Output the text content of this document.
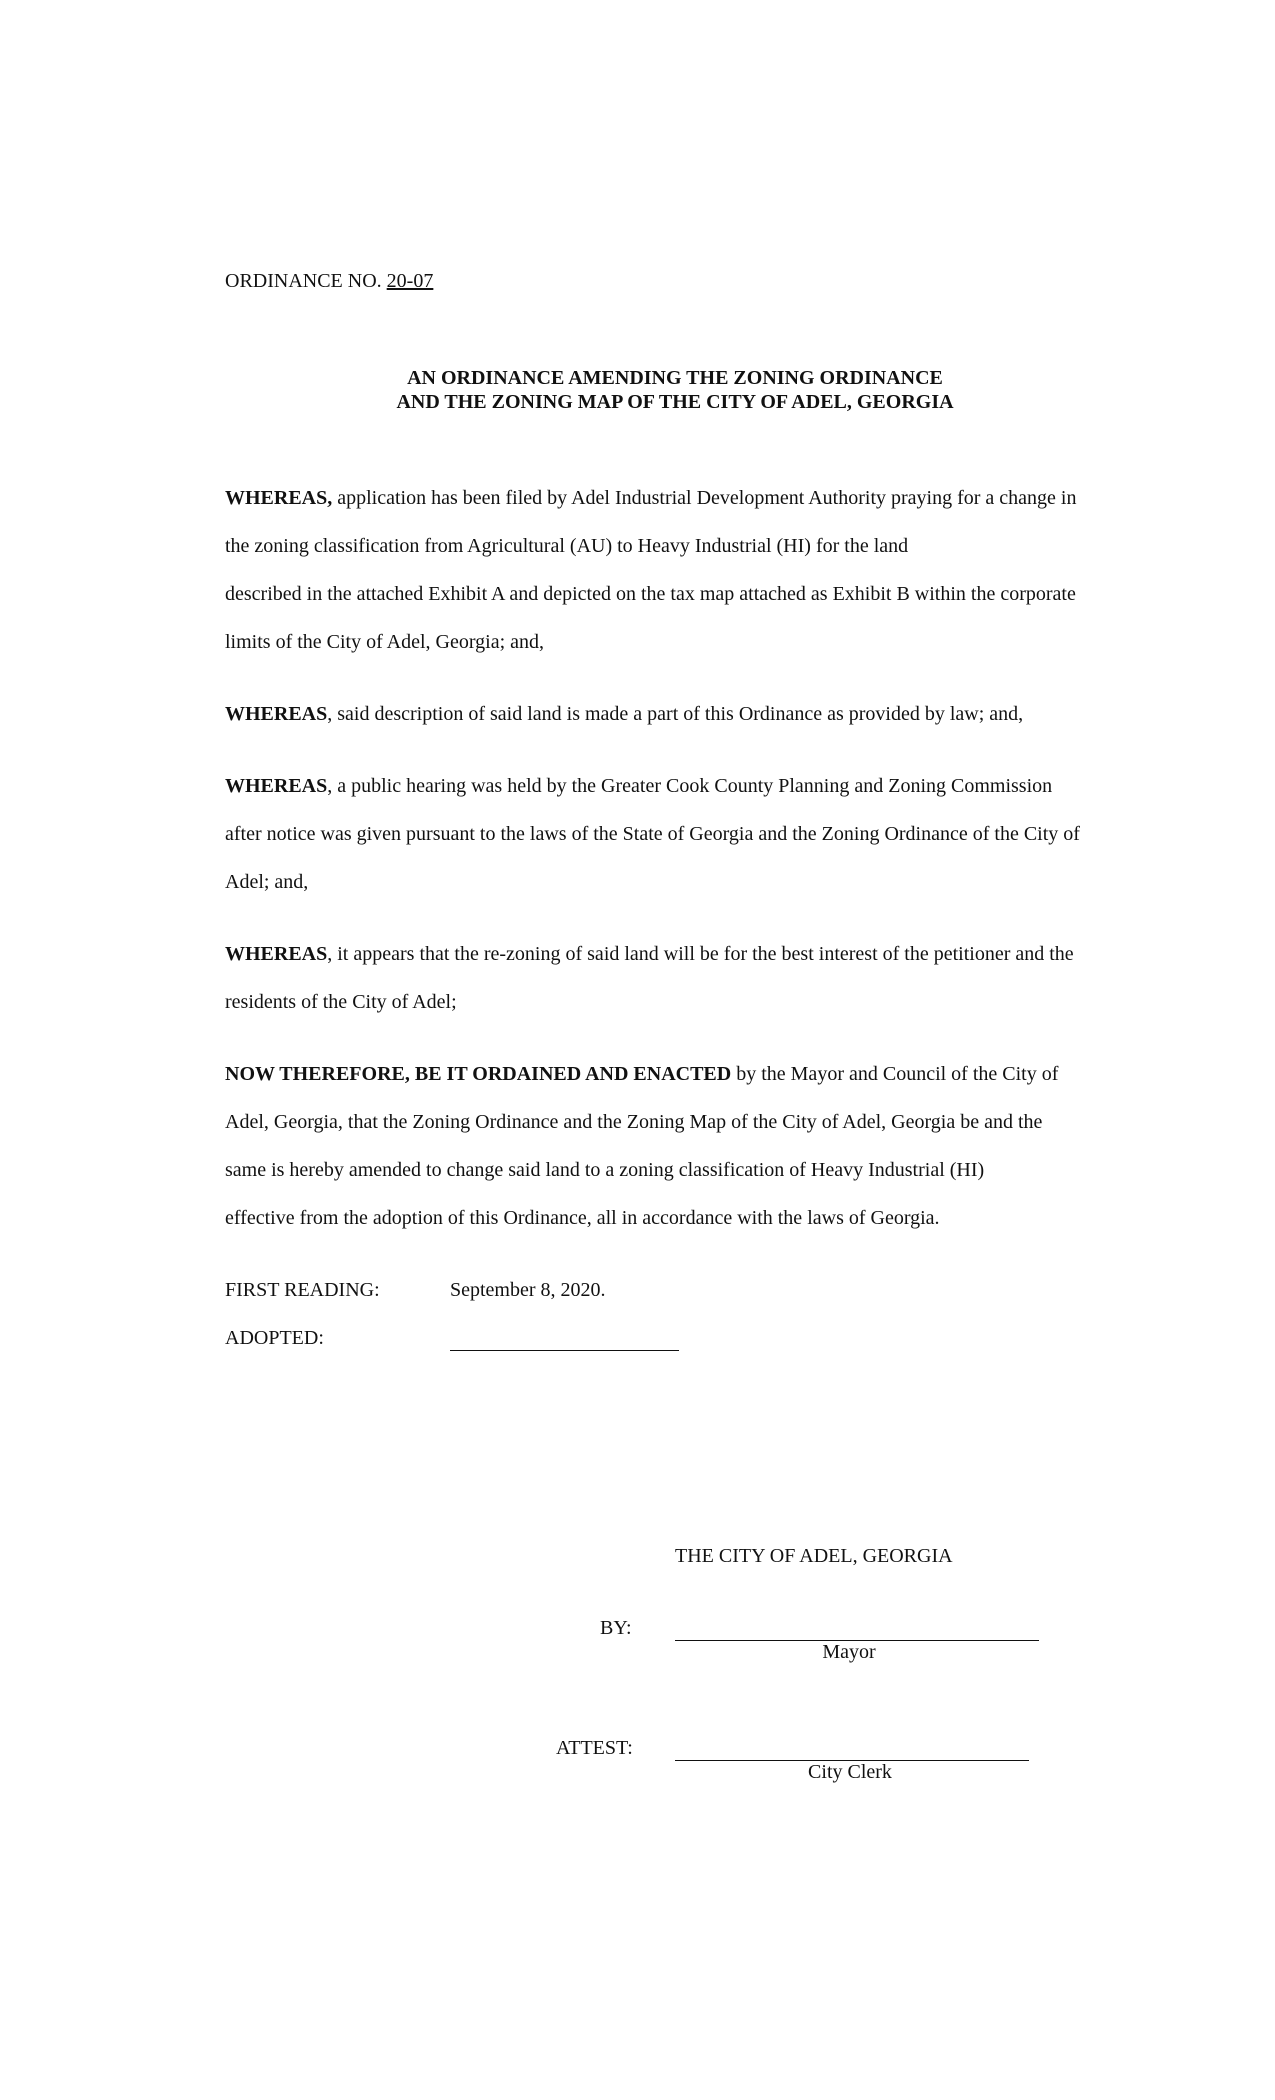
ORDINANCE NO. 20-07
AN ORDINANCE AMENDING THE ZONING ORDINANCE
AND THE ZONING MAP OF THE CITY OF ADEL, GEORGIA
WHEREAS, application has been filed by Adel Industrial Development Authority praying for a change in
the zoning classification from Agricultural (AU) to Heavy Industrial (HI) for the land
described in the attached Exhibit A and depicted on the tax map attached as Exhibit B within the corporate
limits of the City of Adel, Georgia; and,
WHEREAS, said description of said land is made a part of this Ordinance as provided by law; and,
WHEREAS, a public hearing was held by the Greater Cook County Planning and Zoning Commission
after notice was given pursuant to the laws of the State of Georgia and the Zoning Ordinance of the City of
Adel; and,
WHEREAS, it appears that the re-zoning of said land will be for the best interest of the petitioner and the
residents of the City of Adel;
NOW THEREFORE, BE IT ORDAINED AND ENACTED by the Mayor and Council of the City of
Adel, Georgia, that the Zoning Ordinance and the Zoning Map of the City of Adel, Georgia be and the
same is hereby amended to change said land to a zoning classification of Heavy Industrial (HI)
effective from the adoption of this Ordinance, all in accordance with the laws of Georgia.
FIRST READING:	September 8, 2020.
ADOPTED:
THE CITY OF ADEL, GEORGIA
BY:
Mayor
ATTEST:
City Clerk
